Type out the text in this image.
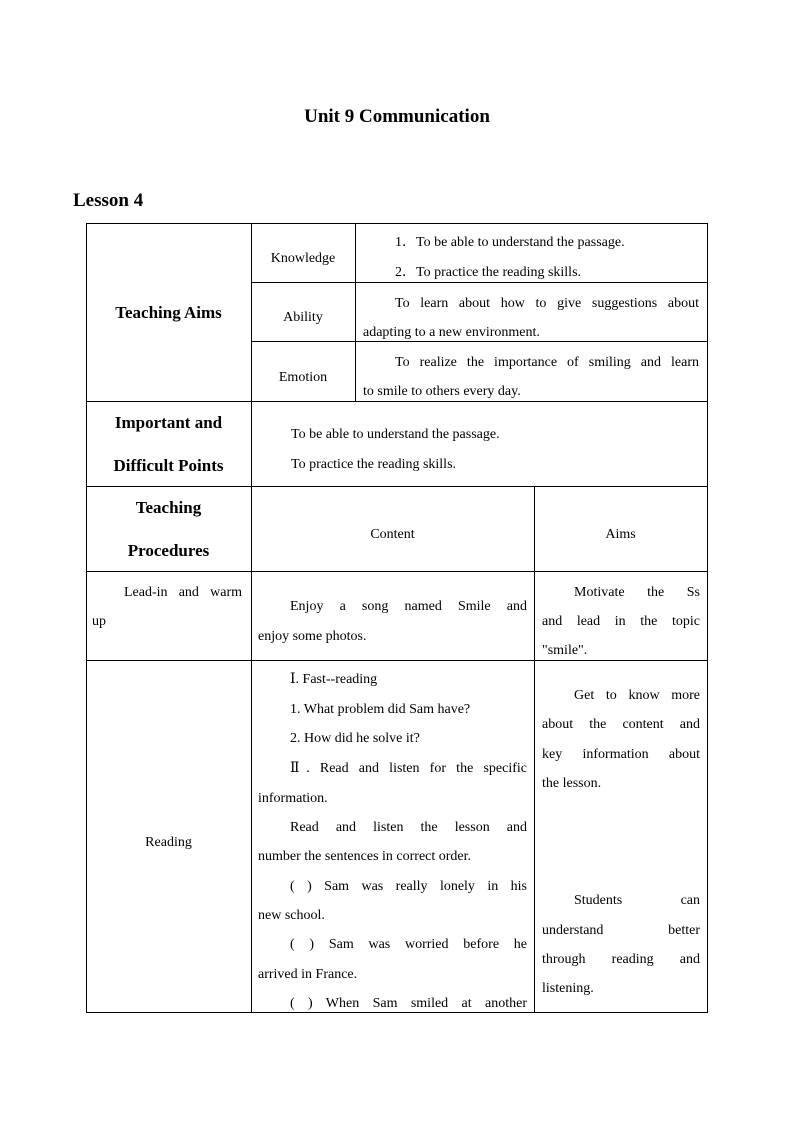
Unit 9 Communication
Lesson 4
Teaching Aims
Knowledge
1．To be able to understand the passage.
2．To practice the reading skills.
Ability
To learn about how to give suggestions about
adapting to a new environment.
Emotion
To realize the importance of smiling and learn
to smile to others every day.
Important and
Difficult Points
To be able to understand the passage.
To practice the reading skills.
Teaching
Procedures
Content	Aims
Lead-in and warm
up
Enjoy a song named Smile and
enjoy some photos.
Motivate the Ss
and lead in the topic
"smile".
Reading
Ⅰ. Fast--reading
1. What problem did Sam have?
2. How did he solve it?
Ⅱ. Read and listen for the specific
information.
Read and listen the lesson and
number the sentences in correct order.
( ) Sam was really lonely in his
new school.
( ) Sam was worried before he
arrived in France.
( ) When Sam smiled at another
Get to know more
about the content and
key information about
the lesson.
Students can
understand better
through reading and
listening.
